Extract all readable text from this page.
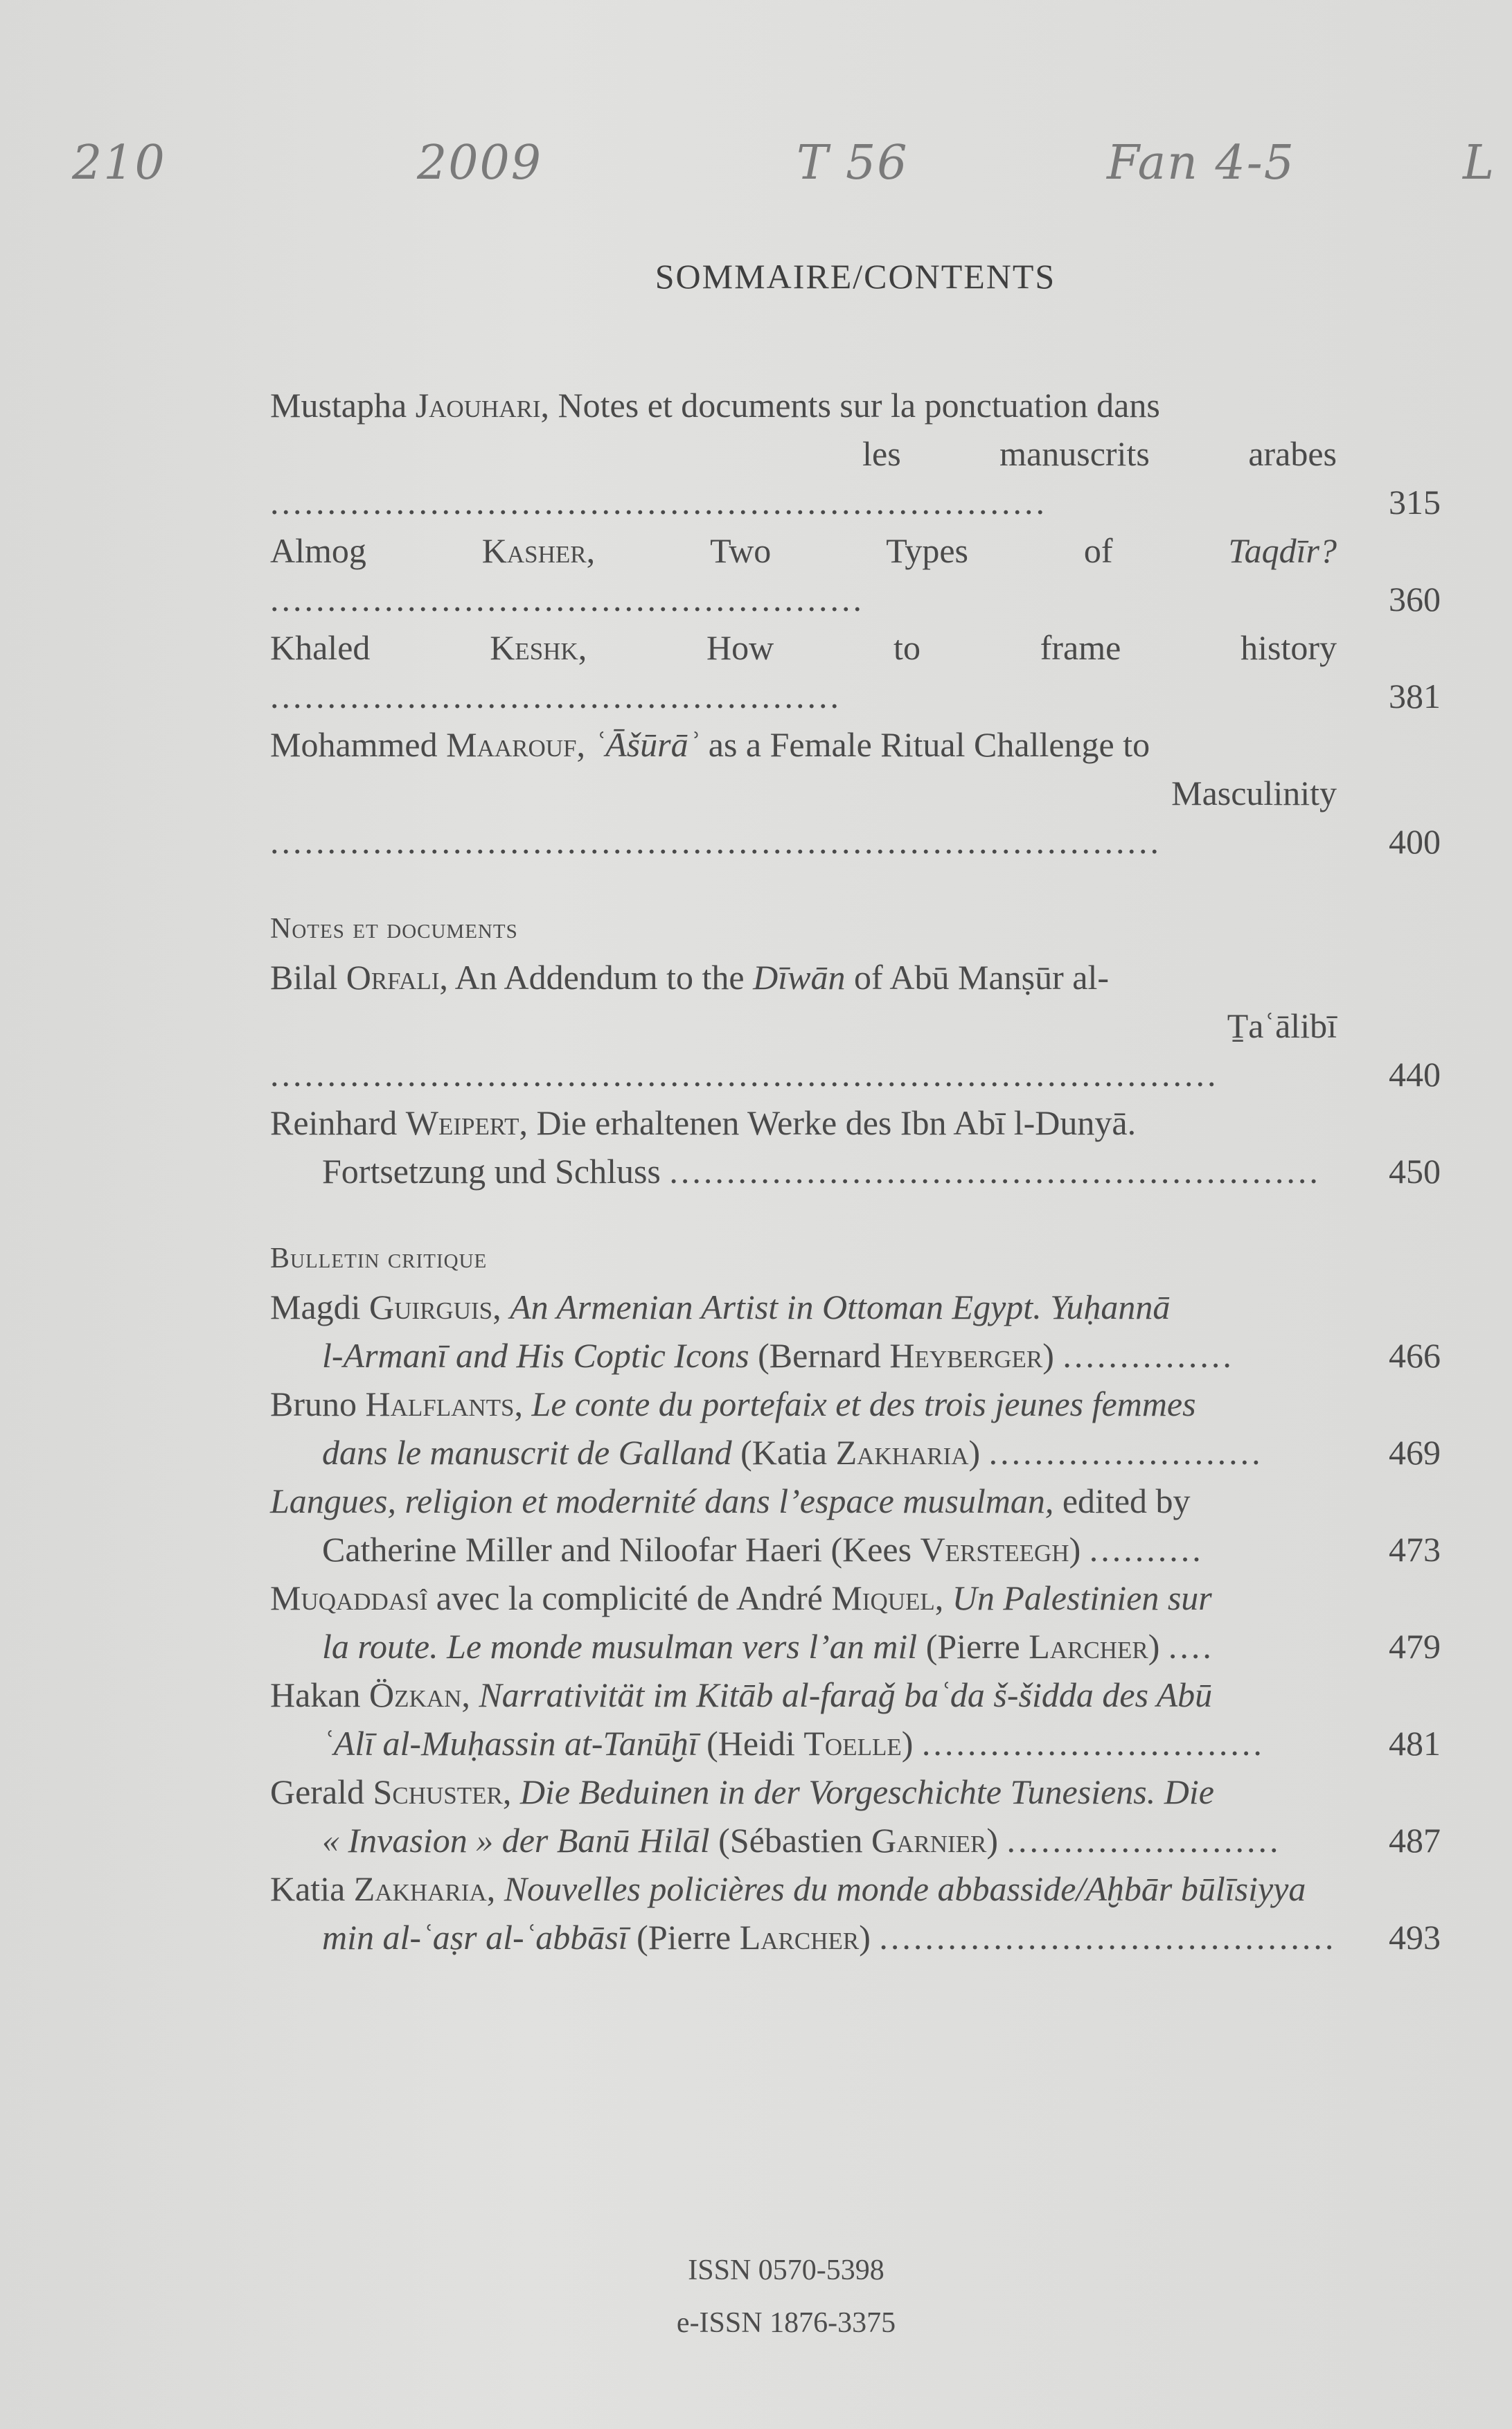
210	2009	T 56	Fan 4-5	L
SOMMAIRE/CONTENTS
Mustapha Jaouhari, Notes et documents sur la ponctuation dans
les manuscrits arabes ....................................................................	315
Almog	Kasher, Two Types of Taqdīr? ....................................................	360
Khaled	Keshk, How to frame history ..................................................	381
Mohammed Maarouf, ʿĀšūrāʾ as a Female Ritual Challenge to
Masculinity ..............................................................................	400
Notes et documents
Bilal Orfali, An Addendum to the Dīwān of Abū Manṣūr al-
Ṯaʿālibī ...................................................................................	440
Reinhard Weipert, Die erhaltenen Werke des Ibn Abī l-Dunyā.
Fortsetzung und Schluss .........................................................	450
Bulletin critique
Magdi Guirguis, An Armenian Artist in Ottoman Egypt. Yuḥannā
l-Armanī and His Coptic Icons (Bernard Heyberger) ...............	466
Bruno Halflants, Le conte du portefaix et des trois jeunes femmes
dans le manuscrit de Galland (Katia Zakharia) ........................	469
Langues, religion et modernité dans l’espace musulman, edited by
Catherine Miller and Niloofar Haeri (Kees Versteegh) ..........	473
Muqaddasî avec la complicité de André Miquel, Un Palestinien sur
la route. Le monde musulman vers l’an mil (Pierre Larcher) ....	479
Hakan Özkan, Narrativität im Kitāb al-faraǧ baʿda š-šidda des Abū
ʿAlī al-Muḥassin at-Tanūḫī (Heidi Toelle) ..............................	481
Gerald Schuster, Die Beduinen in der Vorgeschichte Tunesiens. Die
« Invasion » der Banū Hilāl (Sébastien Garnier) ........................	487
Katia Zakharia, Nouvelles policières du monde abbasside/Aḫbār būlīsiyya
min al-ʿaṣr al-ʿabbāsī (Pierre Larcher) ........................................	493
ISSN 0570-5398
e-ISSN 1876-3375
